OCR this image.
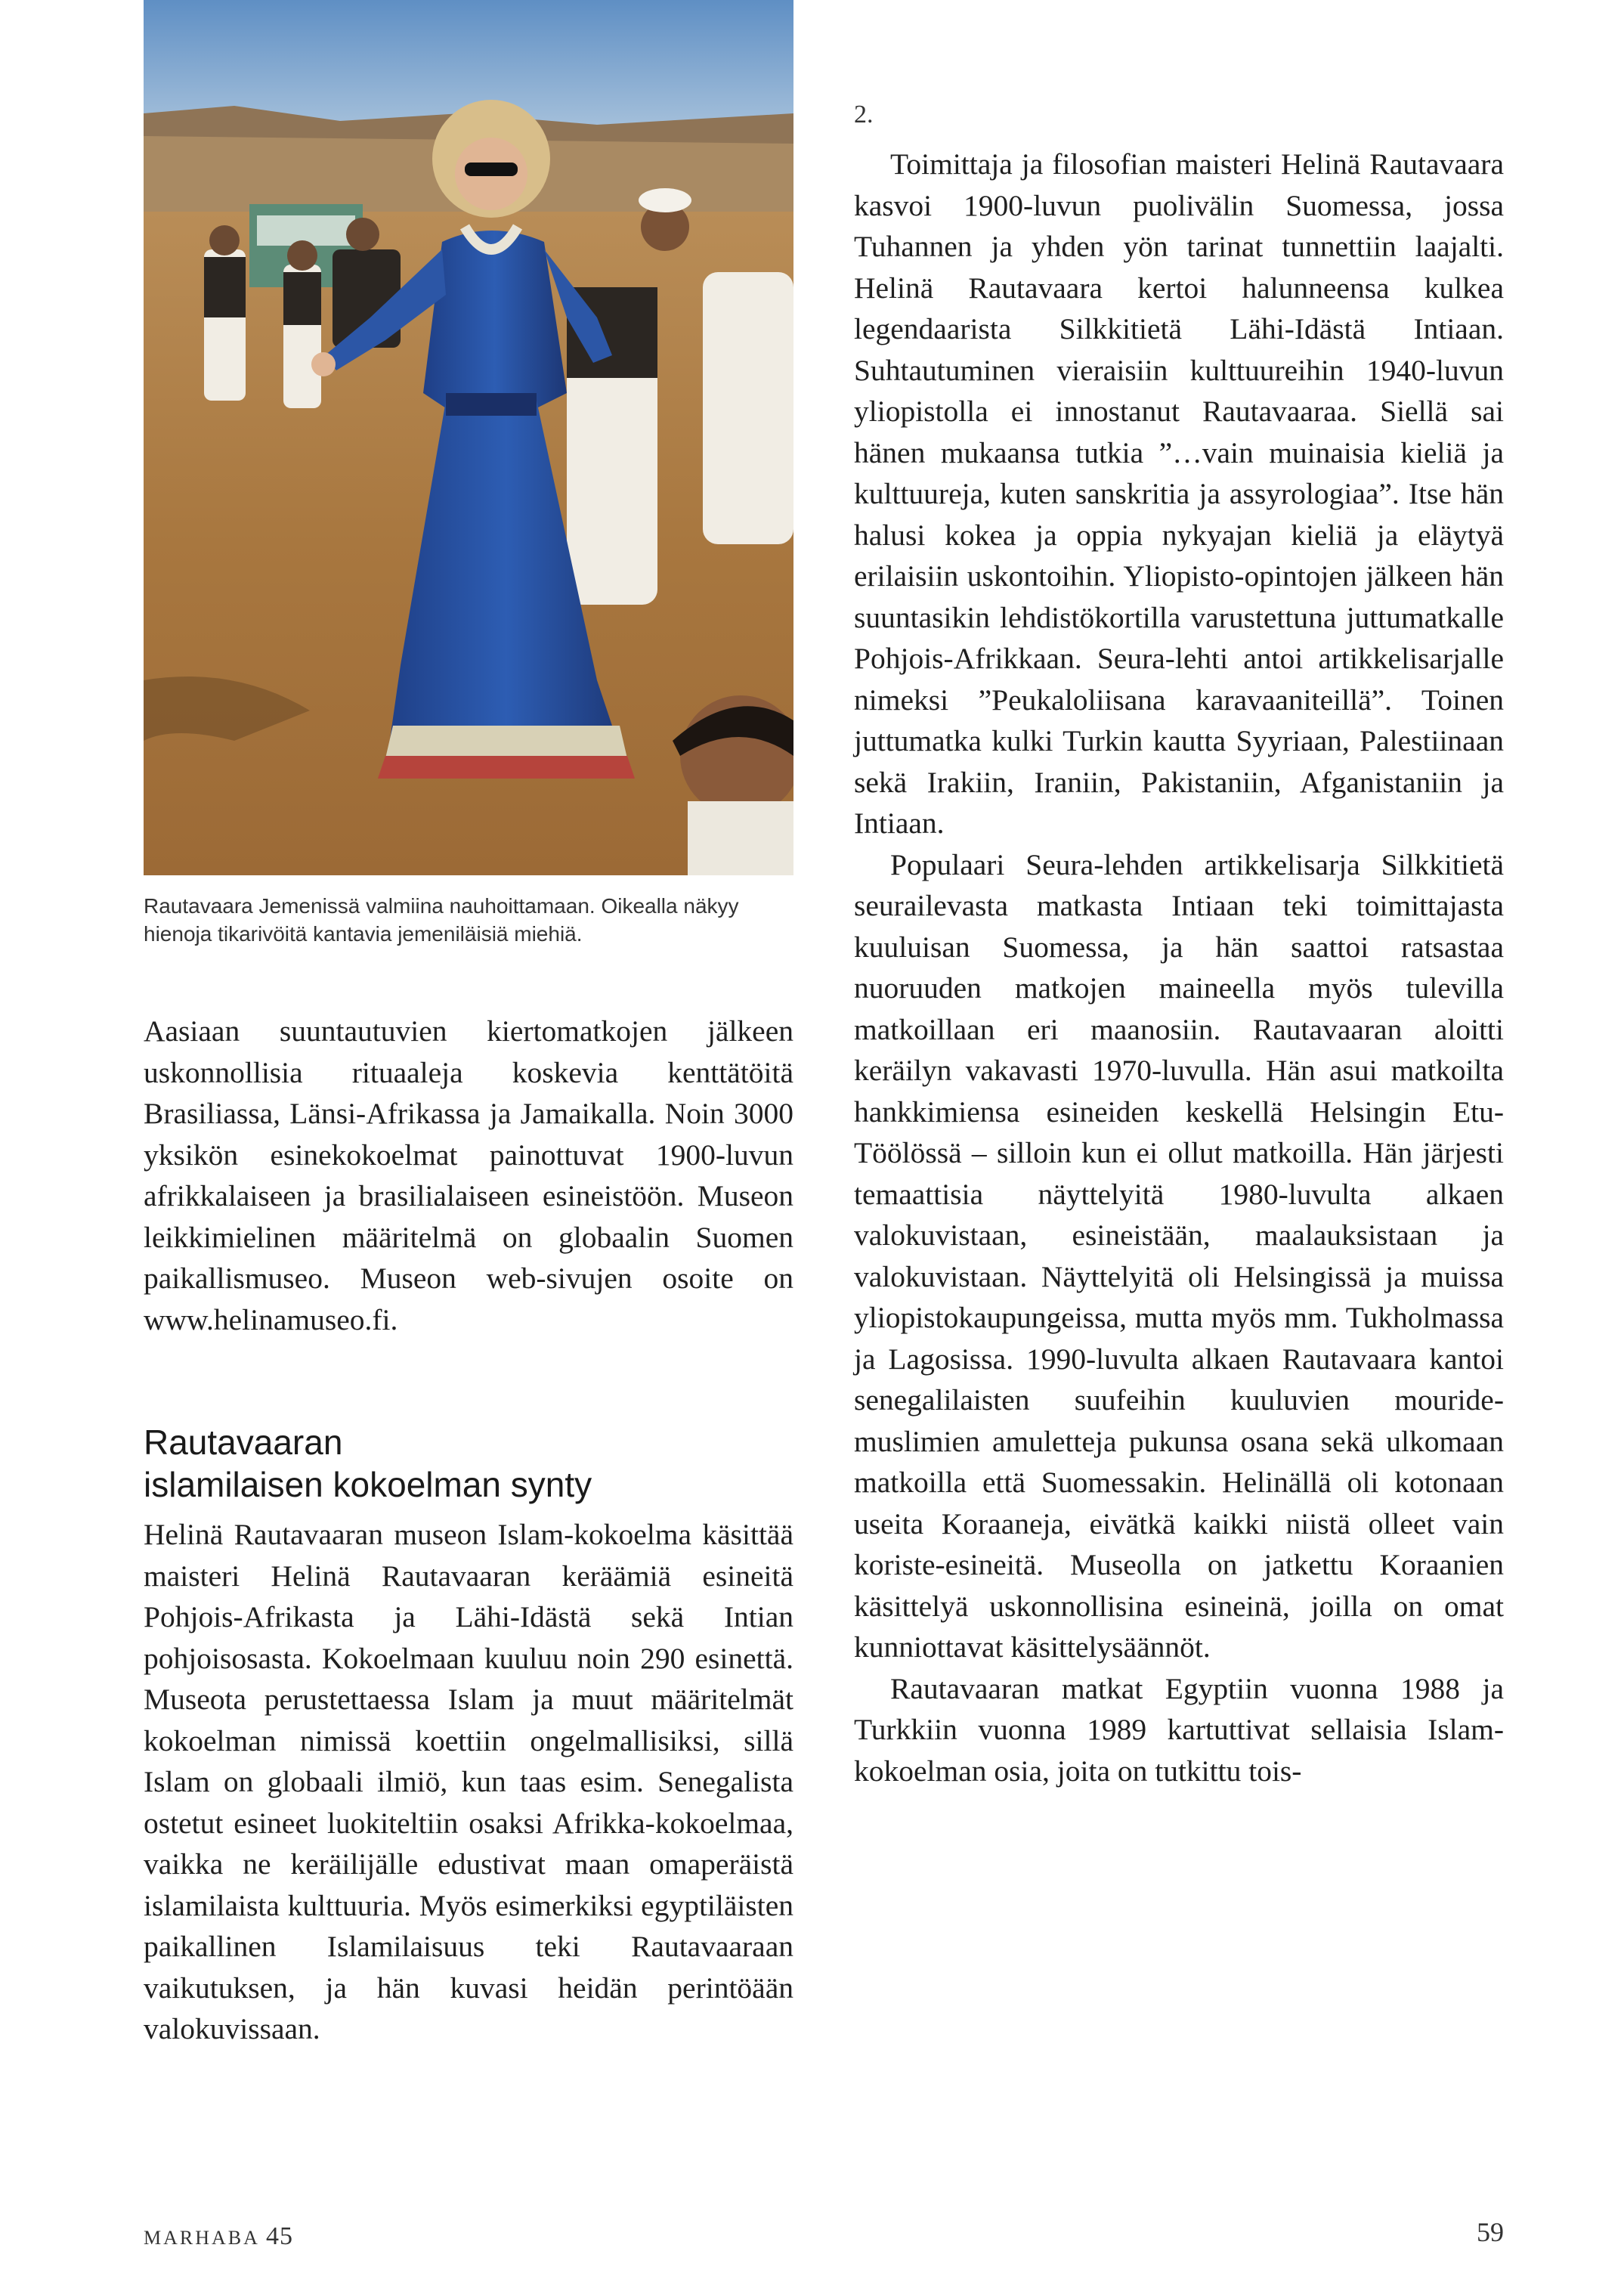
Rautavaara Jemenissä valmiina nauhoittamaan. Oikealla näkyy hienoja tikarivöitä kantavia jemeniläisiä miehiä.

Aasiaan suuntautuvien kiertomatkojen jälkeen uskonnollisia rituaaleja koskevia kenttätöitä Brasiliassa, Länsi-Afrikassa ja Jamaikalla. Noin 3000 yksikön esinekokoelmat painottuvat 1900-luvun afrikkalaiseen ja brasilialaiseen esineistöön. Museon leikkimielinen määritelmä on globaalin Suomen paikallismuseo. Museon web-sivujen osoite on www.helinamuseo.fi.

Rautavaaran
islamilaisen kokoelman synty

Helinä Rautavaaran museon Islam-kokoelma käsittää maisteri Helinä Rautavaaran keräämiä esineitä Pohjois-Afrikasta ja Lähi-Idästä sekä Intian pohjoisosasta. Kokoelmaan kuuluu noin 290 esinettä. Museota perustettaessa Islam ja muut määritelmät kokoelman nimissä koettiin ongelmallisiksi, sillä Islam on globaali ilmiö, kun taas esim. Senegalista ostetut esineet luokiteltiin osaksi Afrikka-kokoelmaa, vaikka ne keräilijälle edustivat maan omaperäistä islamilaista kulttuuria. Myös esimerkiksi egyptiläisten paikallinen Islamilaisuus teki Rautavaaraan vaikutuksen, ja hän kuvasi heidän perintöään valokuvissaan.

2.

Toimittaja ja filosofian maisteri Helinä Rautavaara kasvoi 1900-luvun puolivälin Suomessa, jossa Tuhannen ja yhden yön tarinat tunnettiin laajalti. Helinä Rautavaara kertoi halunneensa kulkea legendaarista Silkkitietä Lähi-Idästä Intiaan. Suhtautuminen vieraisiin kulttuureihin 1940-luvun yliopistolla ei innostanut Rautavaaraa. Siellä sai hänen mukaansa tutkia ”…vain muinaisia kieliä ja kulttuureja, kuten sanskritia ja assyrologiaa”. Itse hän halusi kokea ja oppia nykyajan kieliä ja eläytyä erilaisiin uskontoihin. Yliopisto-opintojen jälkeen hän suuntasikin lehdistökortilla varustettuna juttumatkalle Pohjois-Afrikkaan. Seura-lehti antoi artikkelisarjalle nimeksi ”Peukaloliisana karavaaniteillä”. Toinen juttumatka kulki Turkin kautta Syyriaan, Palestiinaan sekä Irakiin, Iraniin, Pakistaniin, Afganistaniin ja Intiaan.

Populaari Seura-lehden artikkelisarja Silkkitietä seurailevasta matkasta Intiaan teki toimittajasta kuuluisan Suomessa, ja hän saattoi ratsastaa nuoruuden matkojen maineella myös tulevilla matkoillaan eri maanosiin. Rautavaaran aloitti keräilyn vakavasti 1970-luvulla. Hän asui matkoilta hankkimiensa esineiden keskellä Helsingin Etu-Töölössä – silloin kun ei ollut matkoilla. Hän järjesti temaattisia näyttelyitä 1980-luvulta alkaen valokuvistaan, esineistään, maalauksistaan ja valokuvistaan. Näyttelyitä oli Helsingissä ja muissa yliopistokaupungeissa, mutta myös mm. Tukholmassa ja Lagosissa. 1990-luvulta alkaen Rautavaara kantoi senegalilaisten suufeihin kuuluvien mouride-muslimien amuletteja pukunsa osana sekä ulkomaan matkoilla että Suomessakin. Helinällä oli kotonaan useita Koraaneja, eivätkä kaikki niistä olleet vain koriste-esineitä. Museolla on jatkettu Koraanien käsittelyä uskonnollisina esineinä, joilla on omat kunniottavat käsittelysäännöt.

Rautavaaran matkat Egyptiin vuonna 1988 ja Turkkiin vuonna 1989 kartuttivat sellaisia Islam-kokoelman osia, joita on tutkittu tois-

MARHABA 45	59
